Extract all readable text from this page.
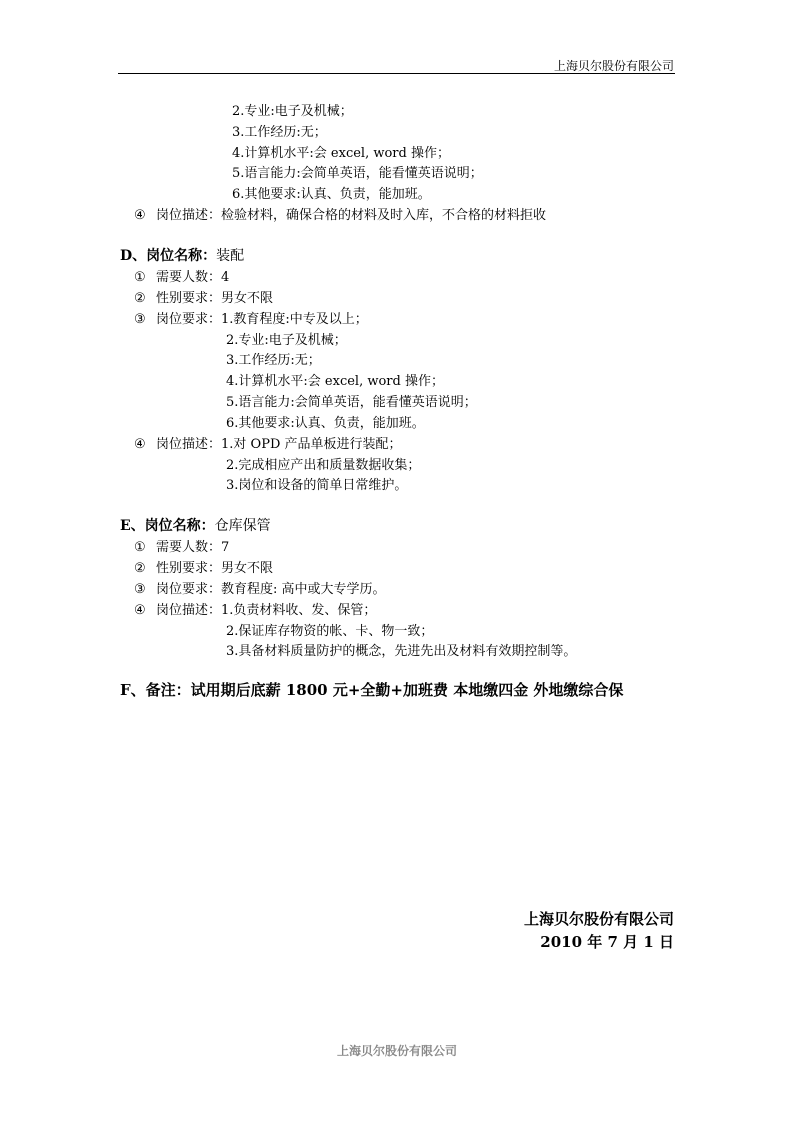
上海贝尔股份有限公司
2.专业:电子及机械；
3.工作经历:无；
4.计算机水平:会 excel, word 操作；
5.语言能力:会简单英语，能看懂英语说明；
6.其他要求:认真、负责，能加班。
④ 岗位描述：检验材料，确保合格的材料及时入库，不合格的材料拒收
D、岗位名称：装配
① 需要人数：4
② 性别要求：男女不限
③ 岗位要求：1.教育程度:中专及以上；
2.专业:电子及机械；
3.工作经历:无；
4.计算机水平:会 excel, word 操作；
5.语言能力:会简单英语，能看懂英语说明；
6.其他要求:认真、负责，能加班。
④ 岗位描述：1.对 OPD 产品单板进行装配；
2.完成相应产出和质量数据收集；
3.岗位和设备的简单日常维护。
E、岗位名称：仓库保管
① 需要人数：7
② 性别要求：男女不限
③ 岗位要求：教育程度: 高中或大专学历。
④ 岗位描述：1.负责材料收、发、保管；
2.保证库存物资的帐、卡、物一致；
3.具备材料质量防护的概念，先进先出及材料有效期控制等。
F、备注：试用期后底薪 1800 元+全勤+加班费 本地缴四金 外地缴综合保
上海贝尔股份有限公司
2010 年 7 月 1 日
上海贝尔股份有限公司
